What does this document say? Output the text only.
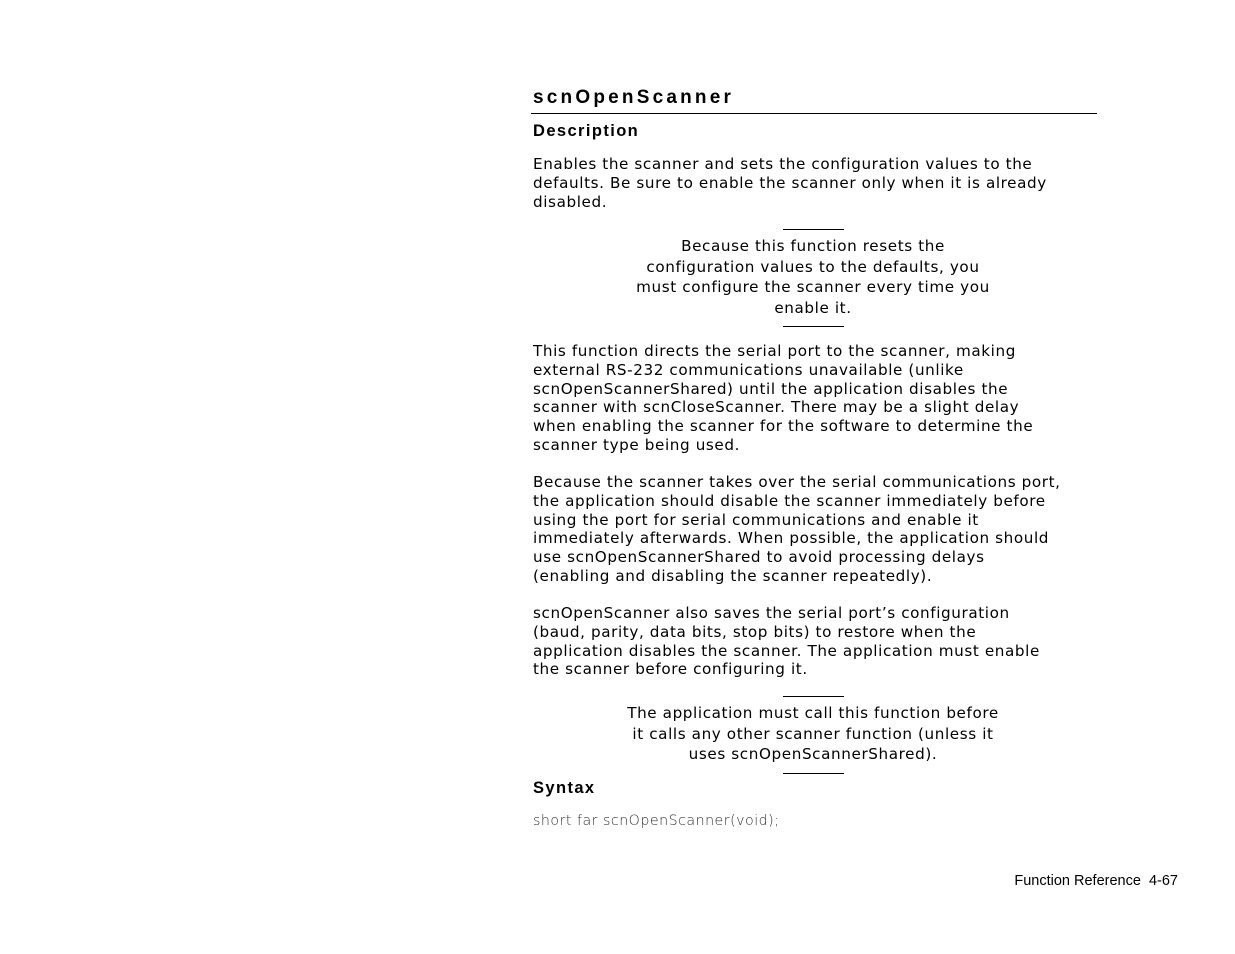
scnOpenScanner
Description

Enables the scanner and sets the configuration values to the
defaults. Be sure to enable the scanner only when it is already
disabled.

Because this function resets the
configuration values to the defaults, you
must configure the scanner every time you
enable it.

This function directs the serial port to the scanner, making
external RS-232 communications unavailable (unlike
scnOpenScannerShared) until the application disables the
scanner with scnCloseScanner. There may be a slight delay
when enabling the scanner for the software to determine the
scanner type being used.

Because the scanner takes over the serial communications port,
the application should disable the scanner immediately before
using the port for serial communications and enable it
immediately afterwards. When possible, the application should
use scnOpenScannerShared to avoid processing delays
(enabling and disabling the scanner repeatedly).

scnOpenScanner also saves the serial port’s configuration
(baud, parity, data bits, stop bits) to restore when the
application disables the scanner. The application must enable
the scanner before configuring it.

The application must call this function before
it calls any other scanner function (unless it
uses scnOpenScannerShared).

Syntax

short far scnOpenScanner(void);

Function Reference  4-67
